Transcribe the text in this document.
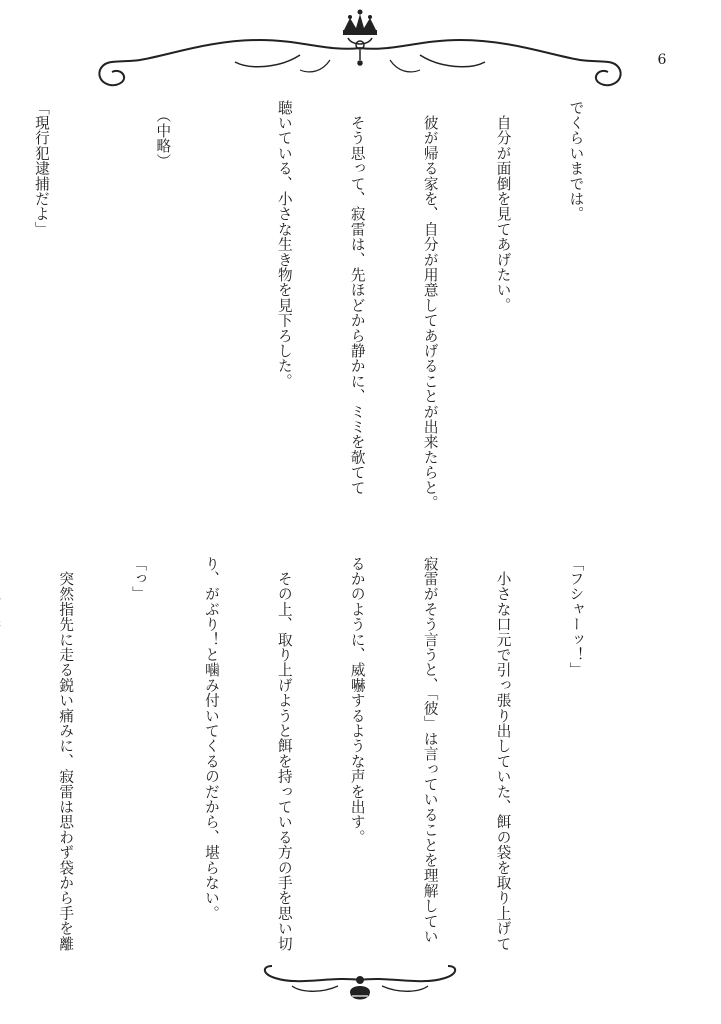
6

でくらいまでは。

　自分が面倒を見てあげたい。

　彼が帰る家を、自分が用意してあげることが出来たらと。

　そう思って、寂雷は、先ほどから静かに、ミミを欹てて

聴いている、小さな生き物を見下ろした。

　（中略）

「現行犯逮捕だよ」

「フシャーッ！」

　小さな口元で引っ張り出していた、餌の袋を取り上げて

寂雷がそう言うと、「彼」は言っていることを理解してい

るかのように、威嚇するような声を出す。

　その上、取り上げようと餌を持っている方の手を思い切

り、がぶり！と噛み付いてくるのだから、堪らない。

「っ」

　突然指先に走る鋭い痛みに、寂雷は思わず袋から手を離
